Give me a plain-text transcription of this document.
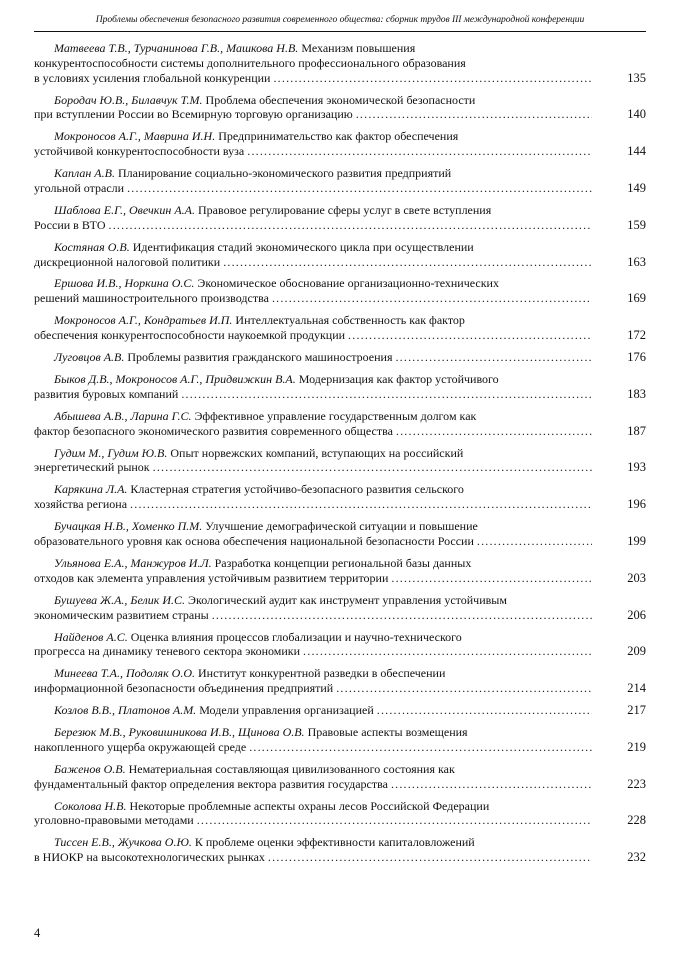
Проблемы обеспечения безопасного развития современного общества: сборник трудов III международной конференции
Матвеева Т.В., Турчанинова Г.В., Машкова Н.В.
Механизм повышения
конкурентоспособности системы дополнительного профессионального образования
в условиях усиления глобальной конкуренции .....	135
Бородач Ю.В., Билавчук Т.М.
Проблема обеспечения экономической безопасности
при вступлении России во Всемирную торговую организацию .....	140
Мокроносов А.Г., Маврина И.Н.
Предпринимательство как фактор обеспечения
устойчивой конкурентоспособности вуза .....	144
Каплан А.В.
Планирование социально-экономического развития предприятий
угольной отрасли .....	149
Шаблова Е.Г., Овечкин А.А.
Правовое регулирование сферы услуг в свете вступления
России в ВТО .....	159
Костяная О.В.
Идентификация стадий экономического цикла при осуществлении
дискреционной налоговой политики .....	163
Ершова И.В., Норкина О.С.
Экономическое обоснование организационно-технических
решений машиностроительного производства .....	169
Мокроносов А.Г., Кондратьев И.П.
Интеллектуальная собственность как фактор
обеспечения конкурентоспособности наукоемкой продукции .....	172
Луговцов А.В.
Проблемы развития гражданского машиностроения .....	176
Быков Д.В., Мокроносов А.Г., Придвижкин В.А.
Модернизация как фактор устойчивого
развития буровых компаний .....	183
Абышева А.В., Ларина Г.С.
Эффективное управление государственным долгом как
фактор безопасного экономического развития современного общества .....	187
Гудим М., Гудим Ю.В.
Опыт норвежских компаний, вступающих на российский
энергетический рынок .....	193
Карякина Л.А.
Кластерная стратегия устойчиво-безопасного развития сельского
хозяйства региона .....	196
Бучацкая Н.В., Хоменко П.М.
Улучшение демографической ситуации и повышение
образовательного уровня как основа обеспечения национальной безопасности России .....	199
Ульянова Е.А., Манжуров И.Л.
Разработка концепции региональной базы данных
отходов как элемента управления устойчивым развитием территории .....	203
Бушуева Ж.А., Белик И.С.
Экологический аудит как инструмент управления устойчивым
экономическим развитием страны .....	206
Найденов А.С.
Оценка влияния процессов глобализации и научно-технического
прогресса на динамику теневого сектора экономики .....	209
Минеева Т.А., Подоляк О.О.
Институт конкурентной разведки в обеспечении
информационной безопасности объединения предприятий .....	214
Козлов В.В., Платонов А.М.
Модели управления организацией .....	217
Березюк М.В., Руковишникова И.В., Щинова О.В.
Правовые аспекты возмещения
накопленного ущерба окружающей среде .....	219
Баженов О.В.
Нематериальная составляющая цивилизованного состояния как
фундаментальный фактор определения вектора развития государства .....	223
Соколова Н.В.
Некоторые проблемные аспекты охраны лесов Российской Федерации
уголовно-правовыми методами .....	228
Тиссен Е.В., Жучкова О.Ю.
К проблеме оценки эффективности капиталовложений
в НИОКР на высокотехнологических рынках .....	232
4
